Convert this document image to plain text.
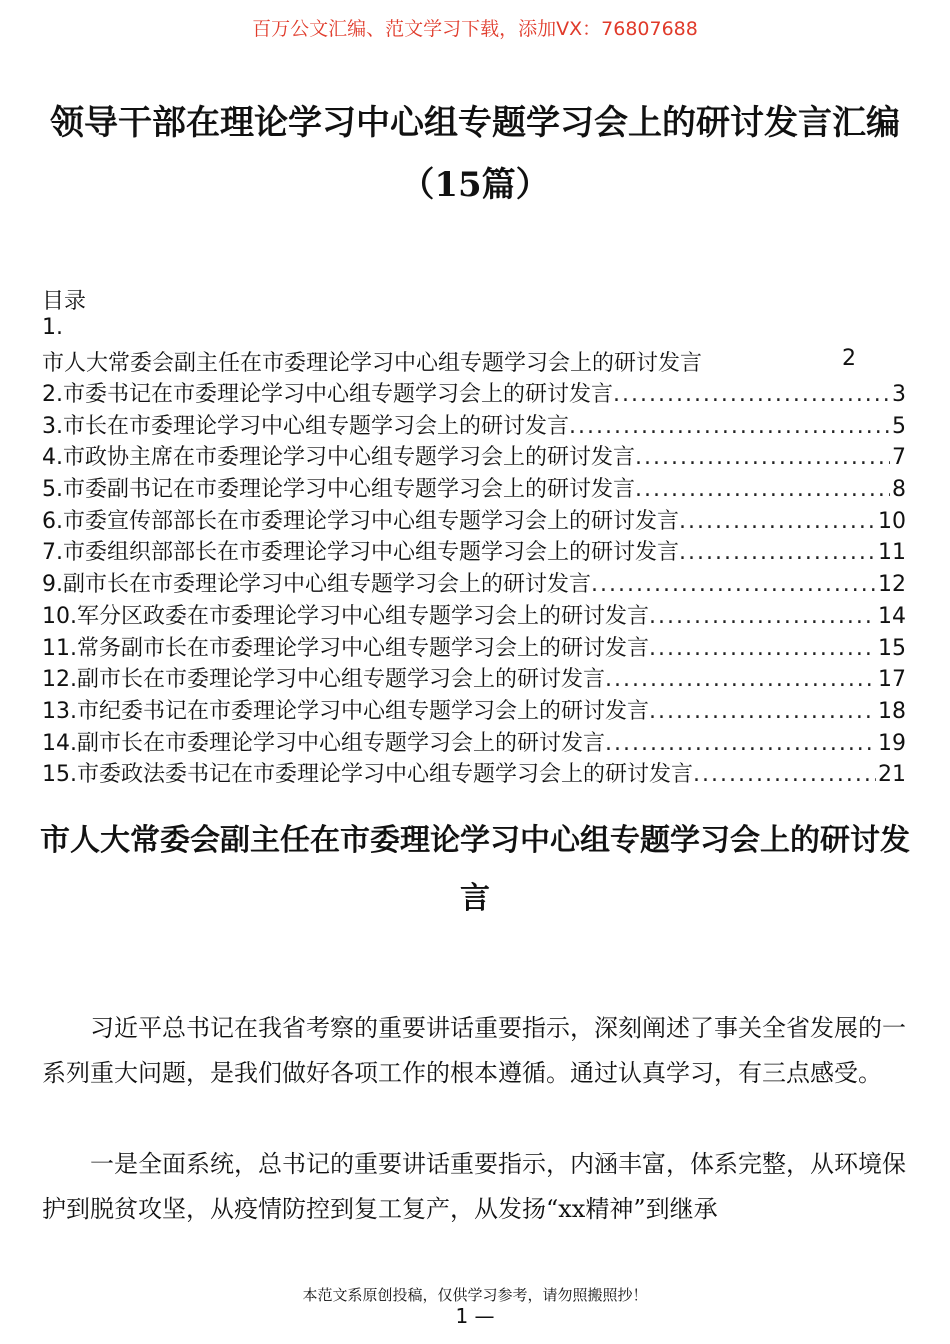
百万公文汇编、范文学习下载，添加VX：76807688
领导干部在理论学习中心组专题学习会上的研讨发言汇编（15篇）
目录
1.
市人大常委会副主任在市委理论学习中心组专题学习会上的研讨发言	2
2.市委书记在市委理论学习中心组专题学习会上的研讨发言 .....	3
3.市长在市委理论学习中心组专题学习会上的研讨发言 .....	5
4.市政协主席在市委理论学习中心组专题学习会上的研讨发言 .....	7
5.市委副书记在市委理论学习中心组专题学习会上的研讨发言 .....	8
6.市委宣传部部长在市委理论学习中心组专题学习会上的研讨发言 .....	10
7.市委组织部部长在市委理论学习中心组专题学习会上的研讨发言 .....	11
9.副市长在市委理论学习中心组专题学习会上的研讨发言 .....	12
10.军分区政委在市委理论学习中心组专题学习会上的研讨发言 .....	14
11.常务副市长在市委理论学习中心组专题学习会上的研讨发言 .....	15
12.副市长在市委理论学习中心组专题学习会上的研讨发言 .....	17
13.市纪委书记在市委理论学习中心组专题学习会上的研讨发言 .....	18
14.副市长在市委理论学习中心组专题学习会上的研讨发言 .....	19
15.市委政法委书记在市委理论学习中心组专题学习会上的研讨发言 .....	21
市人大常委会副主任在市委理论学习中心组专题学习会上的研讨发言

习近平总书记在我省考察的重要讲话重要指示，深刻阐述了事关全省发展的一系列重大问题，是我们做好各项工作的根本遵循。通过认真学习，有三点感受。

一是全面系统，总书记的重要讲话重要指示，内涵丰富，体系完整，从环境保护到脱贫攻坚，从疫情防控到复工复产，从发扬“xx精神”到继承

本范文系原创投稿，仅供学习参考，请勿照搬照抄！
1 —
